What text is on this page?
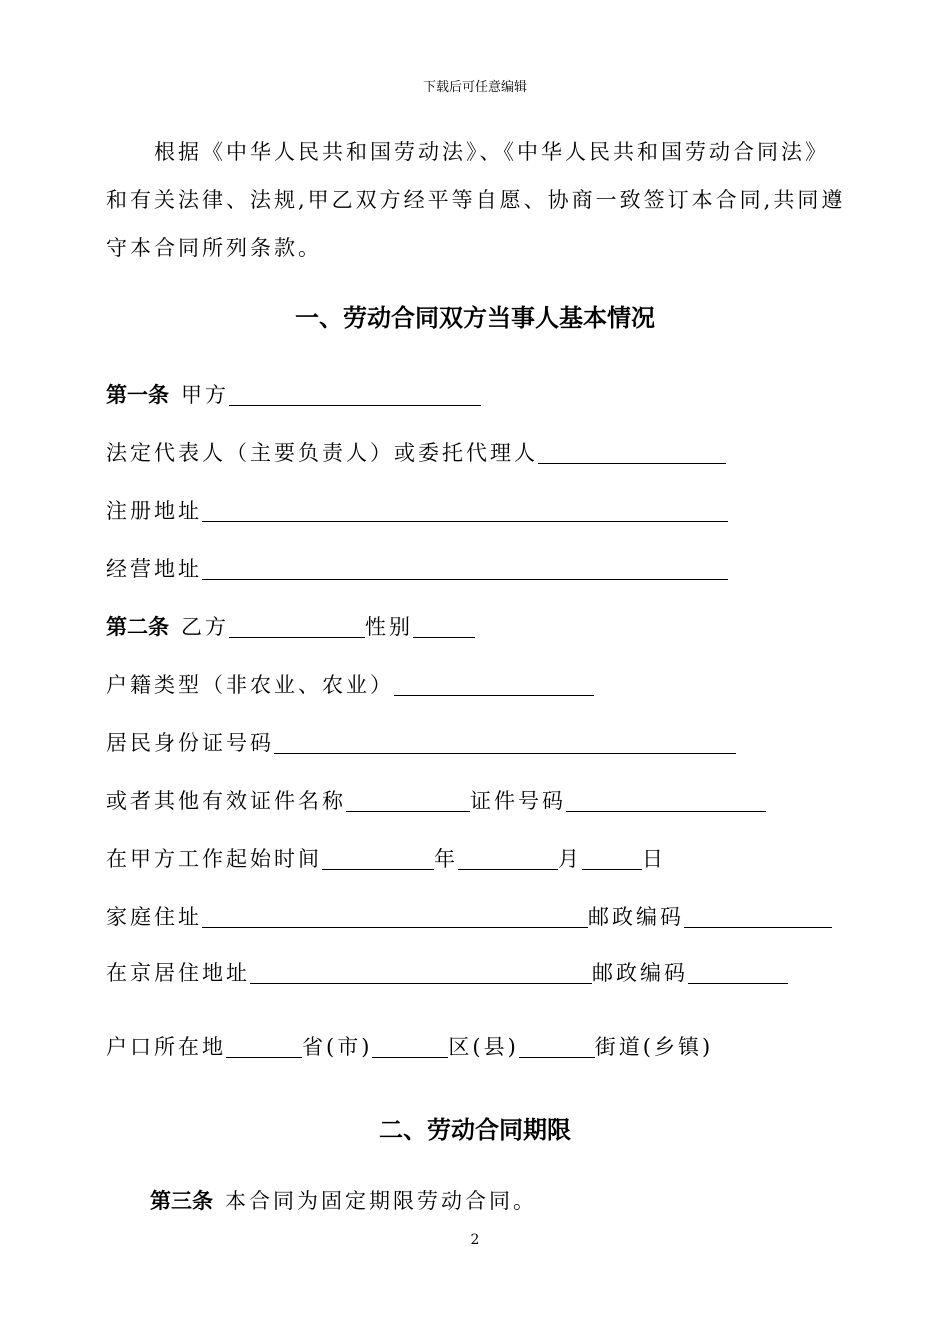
下载后可任意编辑
根据《中华人民共和国劳动法》、《中华人民共和国劳动合同法》
和有关法律、法规,甲乙双方经平等自愿、协商一致签订本合同,共同遵
守本合同所列条款。
一、劳动合同双方当事人基本情况
第一条 甲方
法定代表人（主要负责人）或委托代理人
注册地址
经营地址
第二条 乙方	性别
户籍类型（非农业、农业）
居民身份证号码
或者其他有效证件名称	证件号码
在甲方工作起始时间	年	月	日
家庭住址	邮政编码
在京居住地址	邮政编码
户口所在地	省(市)	区(县)	街道(乡镇)
二、劳动合同期限
第三条 本合同为固定期限劳动合同。
2
